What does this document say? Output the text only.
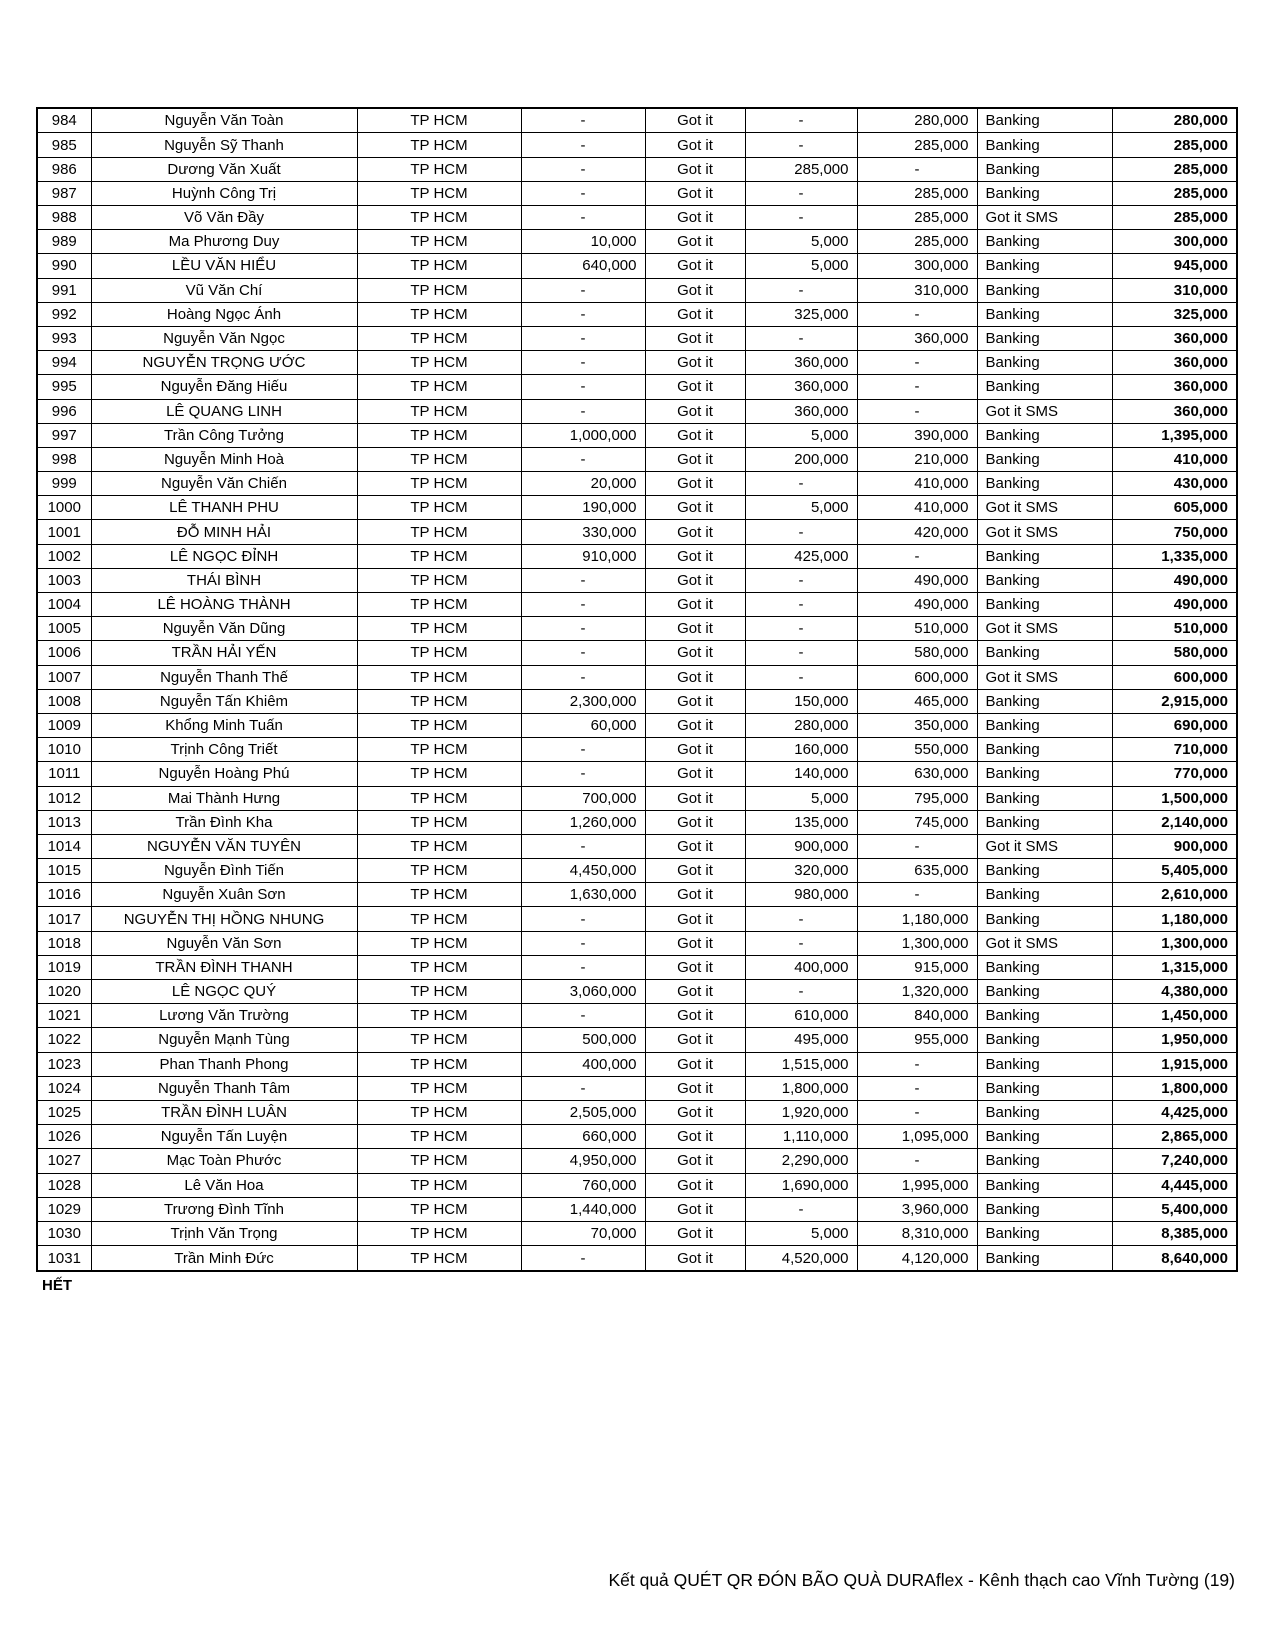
984	Nguyễn Văn Toàn	TP HCM	-	Got it	-	280,000	Banking	280,000
985	Nguyễn Sỹ Thanh	TP HCM	-	Got it	-	285,000	Banking	285,000
986	Dương Văn Xuất	TP HCM	-	Got it	285,000	-	Banking	285,000
987	Huỳnh Công Trị	TP HCM	-	Got it	-	285,000	Banking	285,000
988	Võ Văn Đầy	TP HCM	-	Got it	-	285,000	Got it SMS	285,000
989	Ma Phương Duy	TP HCM	10,000	Got it	5,000	285,000	Banking	300,000
990	LỀU VĂN HIỂU	TP HCM	640,000	Got it	5,000	300,000	Banking	945,000
991	Vũ Văn Chí	TP HCM	-	Got it	-	310,000	Banking	310,000
992	Hoàng Ngọc Ánh	TP HCM	-	Got it	325,000	-	Banking	325,000
993	Nguyễn Văn Ngọc	TP HCM	-	Got it	-	360,000	Banking	360,000
994	NGUYỄN TRỌNG ƯỚC	TP HCM	-	Got it	360,000	-	Banking	360,000
995	Nguyễn Đăng Hiếu	TP HCM	-	Got it	360,000	-	Banking	360,000
996	LÊ QUANG LINH	TP HCM	-	Got it	360,000	-	Got it SMS	360,000
997	Trần Công Tưởng	TP HCM	1,000,000	Got it	5,000	390,000	Banking	1,395,000
998	Nguyễn Minh Hoà	TP HCM	-	Got it	200,000	210,000	Banking	410,000
999	Nguyễn Văn Chiến	TP HCM	20,000	Got it	-	410,000	Banking	430,000
1000	LÊ THANH PHU	TP HCM	190,000	Got it	5,000	410,000	Got it SMS	605,000
1001	ĐỖ MINH HẢI	TP HCM	330,000	Got it	-	420,000	Got it SMS	750,000
1002	LÊ NGỌC ĐỈNH	TP HCM	910,000	Got it	425,000	-	Banking	1,335,000
1003	THÁI BÌNH	TP HCM	-	Got it	-	490,000	Banking	490,000
1004	LÊ HOÀNG THÀNH	TP HCM	-	Got it	-	490,000	Banking	490,000
1005	Nguyễn Văn Dũng	TP HCM	-	Got it	-	510,000	Got it SMS	510,000
1006	TRẦN HẢI YẾN	TP HCM	-	Got it	-	580,000	Banking	580,000
1007	Nguyễn Thanh Thế	TP HCM	-	Got it	-	600,000	Got it SMS	600,000
1008	Nguyễn Tấn Khiêm	TP HCM	2,300,000	Got it	150,000	465,000	Banking	2,915,000
1009	Khổng Minh Tuấn	TP HCM	60,000	Got it	280,000	350,000	Banking	690,000
1010	Trịnh Công Triết	TP HCM	-	Got it	160,000	550,000	Banking	710,000
1011	Nguyễn Hoàng Phú	TP HCM	-	Got it	140,000	630,000	Banking	770,000
1012	Mai Thành Hưng	TP HCM	700,000	Got it	5,000	795,000	Banking	1,500,000
1013	Trần Đình Kha	TP HCM	1,260,000	Got it	135,000	745,000	Banking	2,140,000
1014	NGUYỄN VĂN TUYÊN	TP HCM	-	Got it	900,000	-	Got it SMS	900,000
1015	Nguyễn Đình Tiến	TP HCM	4,450,000	Got it	320,000	635,000	Banking	5,405,000
1016	Nguyễn Xuân Sơn	TP HCM	1,630,000	Got it	980,000	-	Banking	2,610,000
1017	NGUYỄN THỊ HỒNG NHUNG	TP HCM	-	Got it	-	1,180,000	Banking	1,180,000
1018	Nguyễn Văn Sơn	TP HCM	-	Got it	-	1,300,000	Got it SMS	1,300,000
1019	TRẦN ĐÌNH THANH	TP HCM	-	Got it	400,000	915,000	Banking	1,315,000
1020	LÊ NGỌC QUÝ	TP HCM	3,060,000	Got it	-	1,320,000	Banking	4,380,000
1021	Lương Văn Trường	TP HCM	-	Got it	610,000	840,000	Banking	1,450,000
1022	Nguyễn Mạnh Tùng	TP HCM	500,000	Got it	495,000	955,000	Banking	1,950,000
1023	Phan Thanh Phong	TP HCM	400,000	Got it	1,515,000	-	Banking	1,915,000
1024	Nguyễn Thanh Tâm	TP HCM	-	Got it	1,800,000	-	Banking	1,800,000
1025	TRẦN ĐÌNH LUÂN	TP HCM	2,505,000	Got it	1,920,000	-	Banking	4,425,000
1026	Nguyễn Tấn Luyện	TP HCM	660,000	Got it	1,110,000	1,095,000	Banking	2,865,000
1027	Mạc Toàn Phước	TP HCM	4,950,000	Got it	2,290,000	-	Banking	7,240,000
1028	Lê Văn Hoa	TP HCM	760,000	Got it	1,690,000	1,995,000	Banking	4,445,000
1029	Trương Đình Tĩnh	TP HCM	1,440,000	Got it	-	3,960,000	Banking	5,400,000
1030	Trịnh Văn Trọng	TP HCM	70,000	Got it	5,000	8,310,000	Banking	8,385,000
1031	Trần Minh Đức	TP HCM	-	Got it	4,520,000	4,120,000	Banking	8,640,000
HẾT
Kết quả QUÉT QR ĐÓN BÃO QUÀ DURAflex - Kênh thạch cao Vĩnh Tường (19)
